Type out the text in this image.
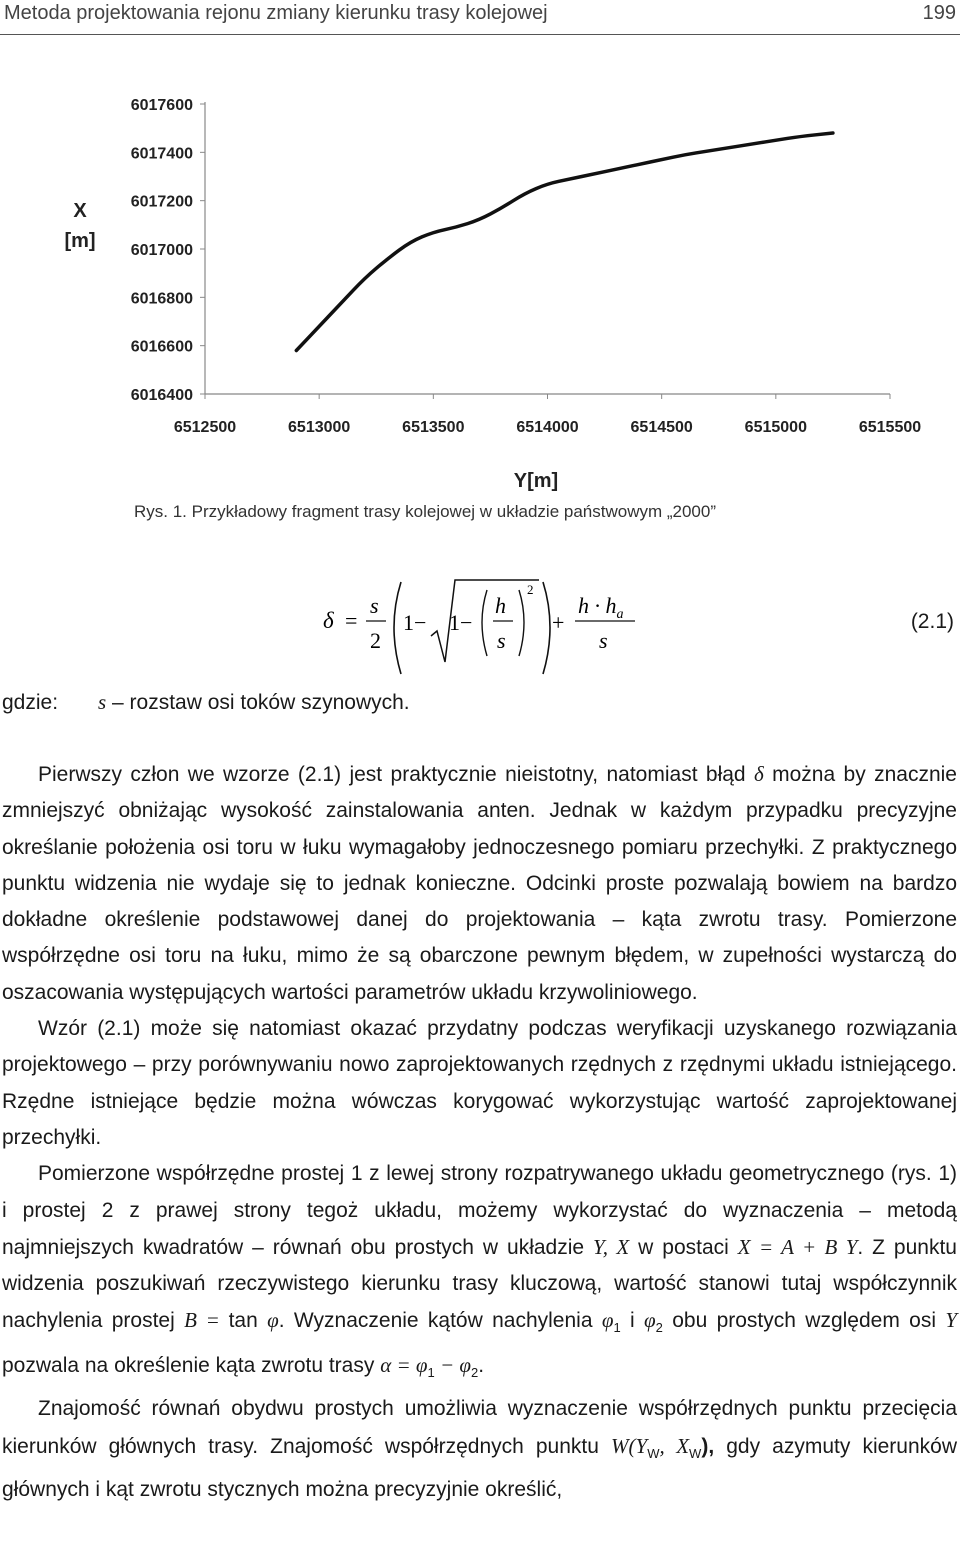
Metoda projektowania rejonu zmiany kierunku trasy kolejowej	199
6017600
6017400
6017200
6017000
6016800
6016600
6016400
6512500	6513000	6513500	6514000	6514500	6515000	6515500
X
[m]
Y[m]
Rys. 1. Przykładowy fragment trasy kolejowej w układzie państwowym „2000”
δ =
s
2
1− 1−
h
s
2
+
$h \cdot h_a$
s
(2.1)
gdzie: s – rozstaw osi toków szynowych.

Pierwszy człon we wzorze (2.1) jest praktycznie nieistotny, natomiast błąd δ można by znacznie zmniejszyć obniżając wysokość zainstalowania anten. Jednak w każdym przypadku precyzyjne określanie położenia osi toru w łuku wymagałoby jednoczesnego pomiaru przechyłki. Z praktycznego punktu widzenia nie wydaje się to jednak konieczne. Odcinki proste pozwalają bowiem na bardzo dokładne określenie podstawowej danej do projektowania – kąta zwrotu trasy. Pomierzone współrzędne osi toru na łuku, mimo że są obarczone pewnym błędem, w zupełności wystarczą do oszacowania występujących wartości parametrów układu krzywoliniowego.

Wzór (2.1) może się natomiast okazać przydatny podczas weryfikacji uzyskanego rozwiązania projektowego – przy porównywaniu nowo zaprojektowanych rzędnych z rzędnymi układu istniejącego. Rzędne istniejące będzie można wówczas korygować wykorzystując wartość zaprojektowanej przechyłki.

Pomierzone współrzędne prostej 1 z lewej strony rozpatrywanego układu geometrycznego (rys. 1) i prostej 2 z prawej strony tegoż układu, możemy wykorzystać do wyznaczenia – metodą najmniejszych kwadratów – równań obu prostych w układzie Y, X w postaci X = A + B Y. Z punktu widzenia poszukiwań rzeczywistego kierunku trasy kluczową, wartość stanowi tutaj współczynnik nachylenia prostej B = tan φ. Wyznaczenie kątów nachylenia $\varphi_1$ i $\varphi_2$ obu prostych względem osi Y pozwala na określenie kąta zwrotu trasy $\alpha = \varphi_1 - \varphi_2$.

Znajomość równań obydwu prostych umożliwia wyznaczenie współrzędnych punktu przecięcia kierunków głównych trasy. Znajomość współrzędnych punktu $W(Y_W$, $X_W$), gdy azymuty kierunków głównych i kąt zwrotu stycznych można precyzyjnie określić,
